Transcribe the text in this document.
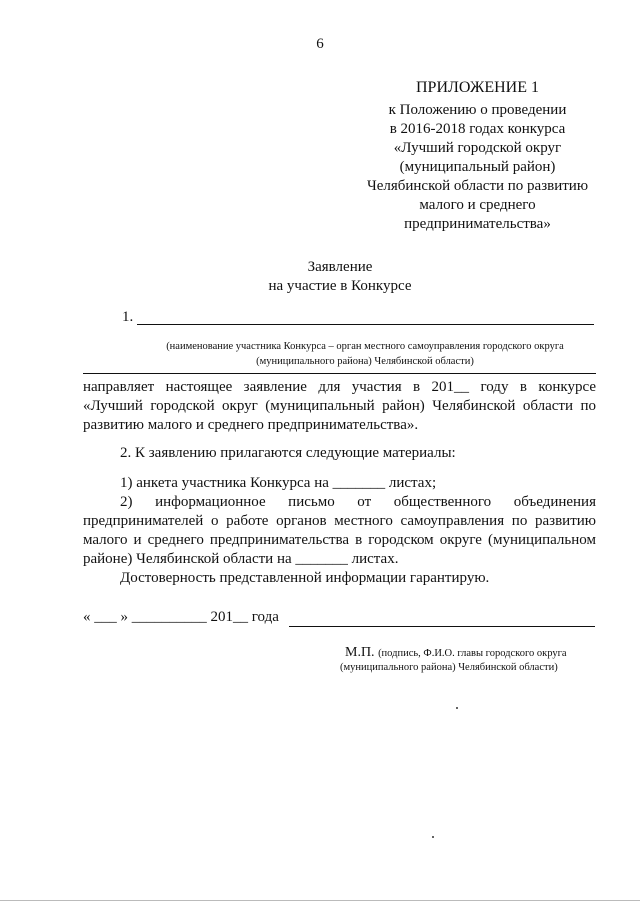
6
ПРИЛОЖЕНИЕ 1
к Положению о проведении
в 2016-2018 годах конкурса
«Лучший городской округ
(муниципальный район)
Челябинской области по развитию
малого и среднего
предпринимательства»
Заявление
на участие в Конкурсе
1.
(наименование участника Конкурса – орган местного самоуправления городского округа
(муниципального района) Челябинской области)
направляет настоящее заявление для участия в 201__ году в конкурсе
«Лучший городской округ (муниципальный район) Челябинской области по
развитию малого и среднего предпринимательства».
2. К заявлению прилагаются следующие материалы:
1) анкета участника Конкурса на _______ листах;
2) информационное письмо от общественного объединения
предпринимателей о работе органов местного самоуправления по развитию
малого и среднего предпринимательства в городском округе (муниципальном
районе) Челябинской области на _______ листах.
Достоверность представленной информации гарантирую.
« ___ » __________ 201__ года
М.П. (подпись, Ф.И.О. главы городского округа
(муниципального района) Челябинской области)
